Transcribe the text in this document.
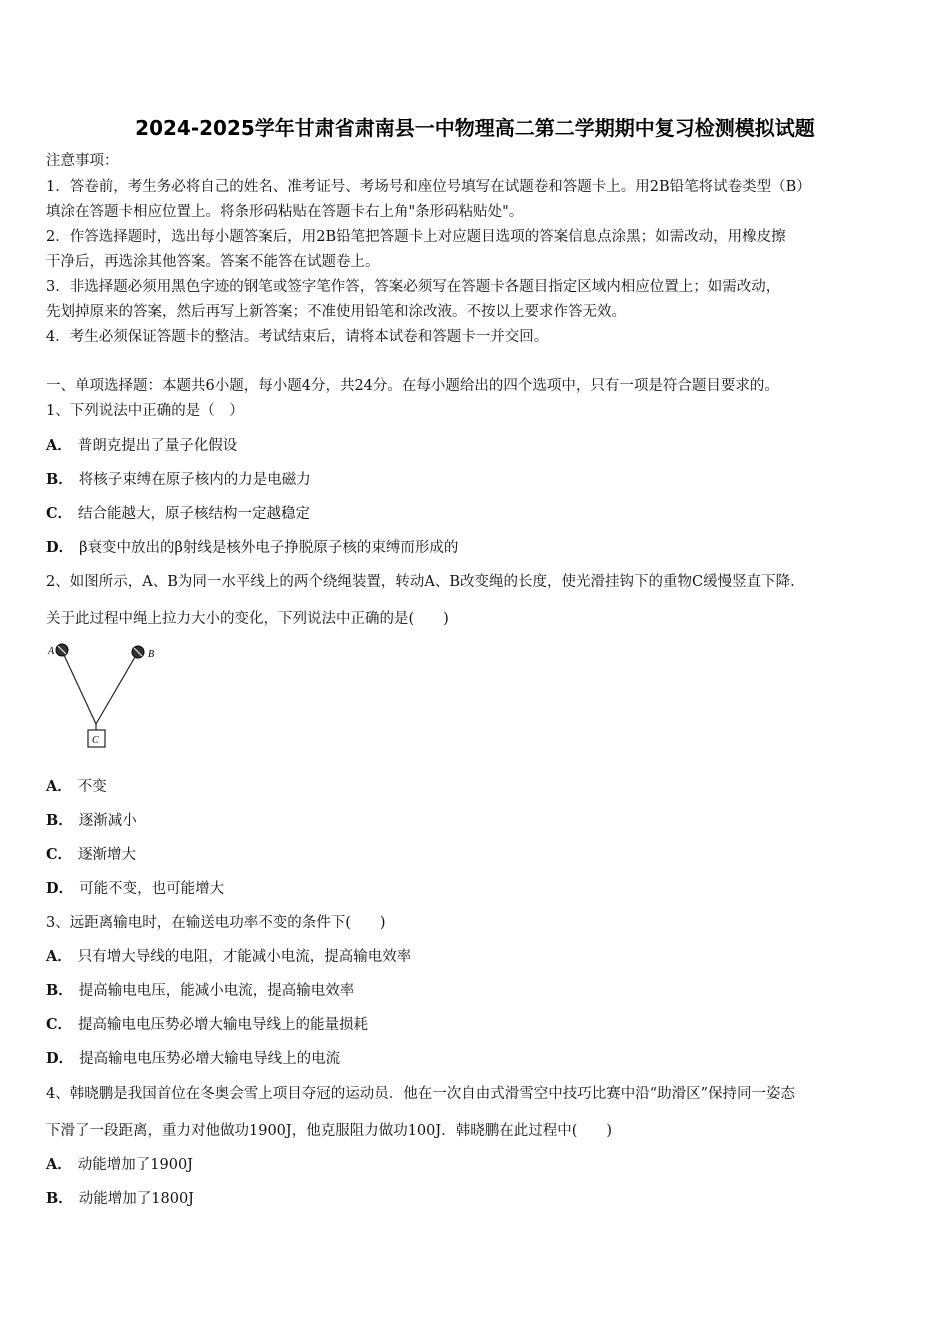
2024-2025学年甘肃省肃南县一中物理高二第二学期期中复习检测模拟试题
注意事项：
1．答卷前，考生务必将自己的姓名、准考证号、考场号和座位号填写在试题卷和答题卡上。用2B铅笔将试卷类型（B）
填涂在答题卡相应位置上。将条形码粘贴在答题卡右上角"条形码粘贴处"。
2．作答选择题时，选出每小题答案后，用2B铅笔把答题卡上对应题目选项的答案信息点涂黑；如需改动，用橡皮擦
干净后，再选涂其他答案。答案不能答在试题卷上。
3．非选择题必须用黑色字迹的钢笔或签字笔作答，答案必须写在答题卡各题目指定区域内相应位置上；如需改动，
先划掉原来的答案，然后再写上新答案；不准使用铅笔和涂改液。不按以上要求作答无效。
4．考生必须保证答题卡的整洁。考试结束后，请将本试卷和答题卡一并交回。
一、单项选择题：本题共6小题，每小题4分，共24分。在每小题给出的四个选项中，只有一项是符合题目要求的。
1、下列说法中正确的是（　）
A． 普朗克提出了量子化假设
B． 将核子束缚在原子核内的力是电磁力
C． 结合能越大，原子核结构一定越稳定
D． β衰变中放出的β射线是核外电子挣脱原子核的束缚而形成的
2、如图所示，A、B为同一水平线上的两个绕绳装置，转动A、B改变绳的长度，使光滑挂钩下的重物C缓慢竖直下降.
关于此过程中绳上拉力大小的变化，下列说法中正确的是(　　)
A	B
C
A． 不变
B． 逐渐减小
C． 逐渐增大
D． 可能不变，也可能增大
3、远距离输电时，在输送电功率不变的条件下(　　)
A． 只有增大导线的电阻，才能减小电流，提高输电效率
B． 提高输电电压，能减小电流，提高输电效率
C． 提高输电电压势必增大输电导线上的能量损耗
D． 提高输电电压势必增大输电导线上的电流
4、韩晓鹏是我国首位在冬奥会雪上项目夺冠的运动员．他在一次自由式滑雪空中技巧比赛中沿“助滑区”保持同一姿态
下滑了一段距离，重力对他做功1900J，他克服阻力做功100J．韩晓鹏在此过程中(　　)
A． 动能增加了1900J
B． 动能增加了1800J
